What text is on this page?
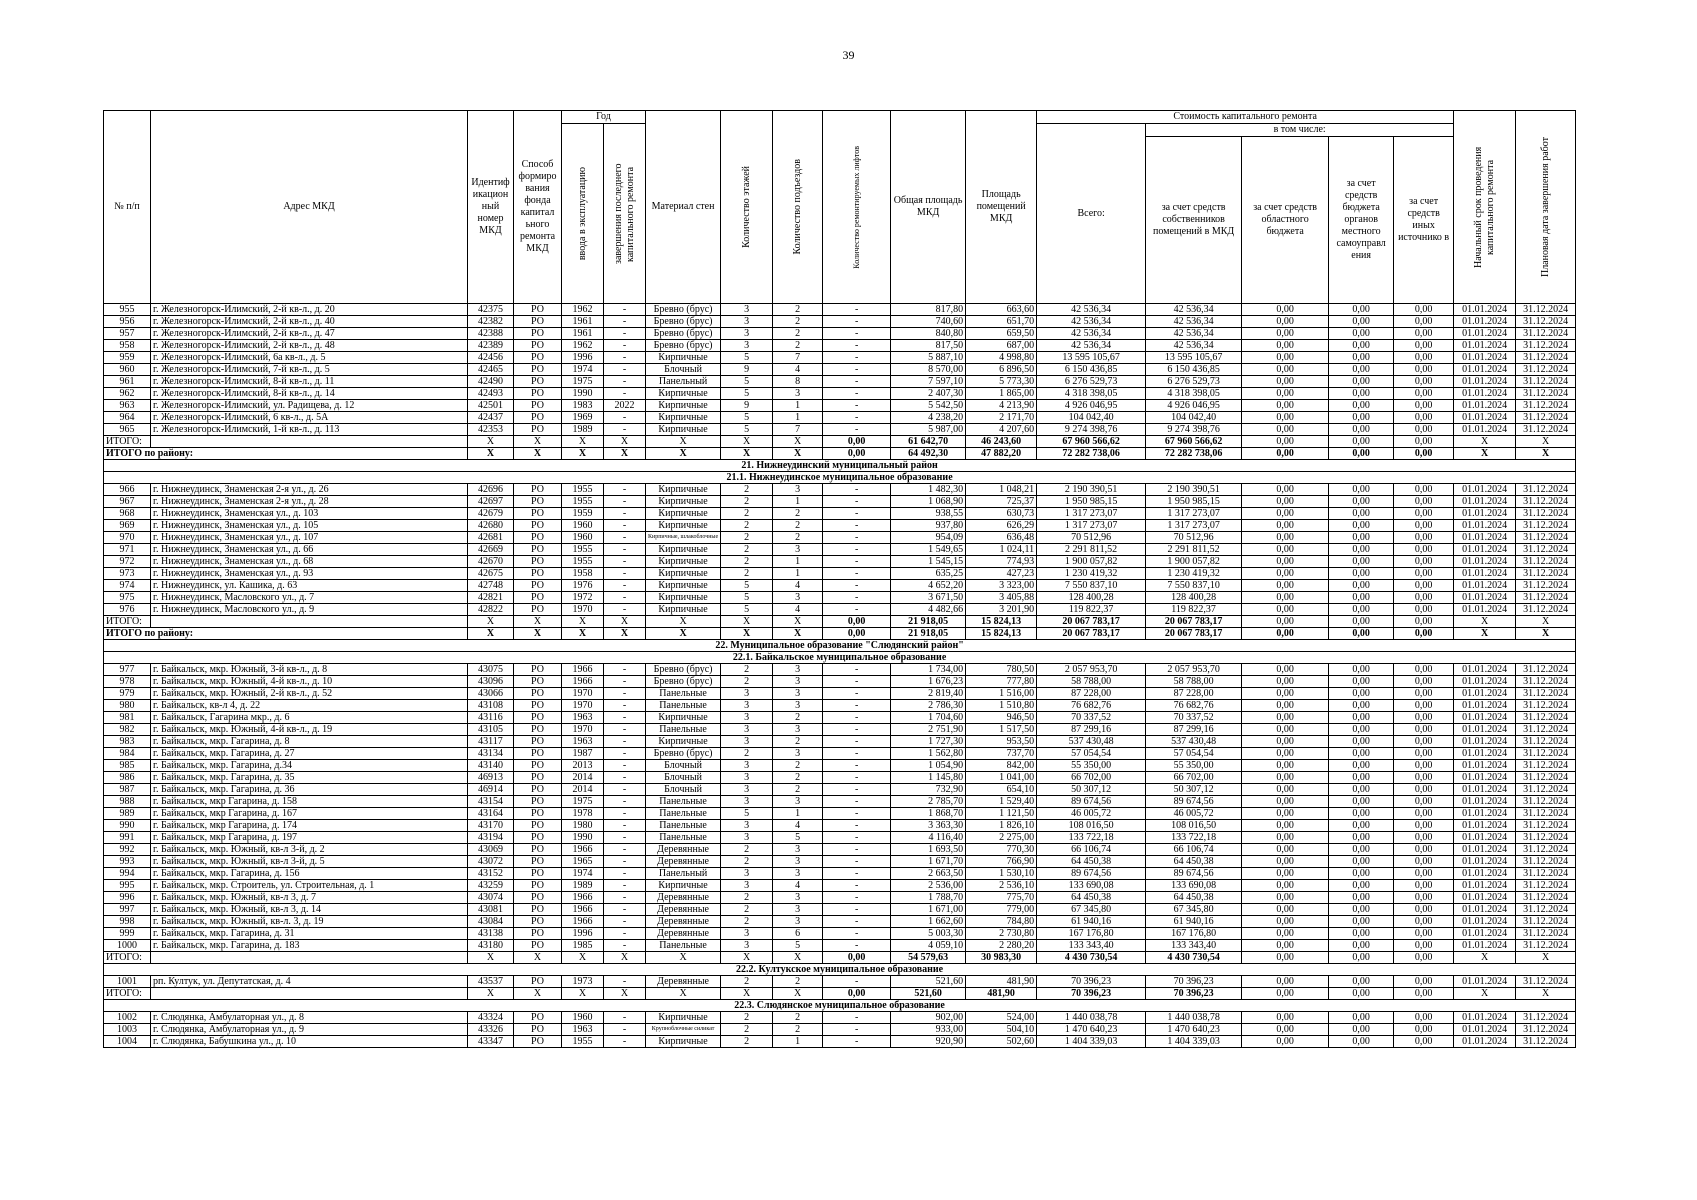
39
№ п/п	Адрес МКД	Идентиф икацион ный номер МКД	Способ формиро вания фонда капитал ьного ремонта МКД	Год		Материал стен	Количество этажей	Количество подъездов	Количество ремонтируемых лифтов	Общая площадь МКД	Площадь помещений МКД	Стоимость капитального ремонта					Начальный срок проведения капитального ремонта	Плановая дата завершения работ

				ввода в эксплуатацию	завершения последнего капитального ремонта							Всего:	в том числе:					
													за счет средств собственников помещений в МКД	за счет средств областного бюджета	за счет средств бюджета органов местного самоуправл ения	за счет средств иных источнико в		
955	г. Железногорск-Илимский, 2-й кв-л., д. 20	42375	РО	1962	-	Бревно (брус)	3	2	-	817,80	663,60	42 536,34	42 536,34	0,00	0,00	0,00	01.01.2024	31.12.2024
956	г. Железногорск-Илимский, 2-й кв-л., д. 40	42382	РО	1961	-	Бревно (брус)	3	2	-	740,60	651,70	42 536,34	42 536,34	0,00	0,00	0,00	01.01.2024	31.12.2024
957	г. Железногорск-Илимский, 2-й кв-л., д. 47	42388	РО	1961	-	Бревно (брус)	3	2	-	840,80	659,50	42 536,34	42 536,34	0,00	0,00	0,00	01.01.2024	31.12.2024
958	г. Железногорск-Илимский, 2-й кв-л., д. 48	42389	РО	1962	-	Бревно (брус)	3	2	-	817,50	687,00	42 536,34	42 536,34	0,00	0,00	0,00	01.01.2024	31.12.2024
959	г. Железногорск-Илимский, 6а кв-л., д. 5	42456	РО	1996	-	Кирпичные	5	7	-	5 887,10	4 998,80	13 595 105,67	13 595 105,67	0,00	0,00	0,00	01.01.2024	31.12.2024
960	г. Железногорск-Илимский, 7-й кв-л., д. 5	42465	РО	1974	-	Блочный	9	4	-	8 570,00	6 896,50	6 150 436,85	6 150 436,85	0,00	0,00	0,00	01.01.2024	31.12.2024
961	г. Железногорск-Илимский, 8-й кв-л., д. 11	42490	РО	1975	-	Панельный	5	8	-	7 597,10	5 773,30	6 276 529,73	6 276 529,73	0,00	0,00	0,00	01.01.2024	31.12.2024
962	г. Железногорск-Илимский, 8-й кв-л., д. 14	42493	РО	1990	-	Кирпичные	5	3	-	2 407,30	1 865,00	4 318 398,05	4 318 398,05	0,00	0,00	0,00	01.01.2024	31.12.2024
963	г. Железногорск-Илимский, ул. Радищева, д. 12	42501	РО	1983	2022	Кирпичные	9	1	-	5 542,50	4 213,90	4 926 046,95	4 926 046,95	0,00	0,00	0,00	01.01.2024	31.12.2024
964	г. Железногорск-Илимский, 6 кв-л., д. 5А	42437	РО	1969	-	Кирпичные	5	1	-	4 238,20	2 171,70	104 042,40	104 042,40	0,00	0,00	0,00	01.01.2024	31.12.2024
965	г. Железногорск-Илимский, 1-й кв-л., д. 113	42353	РО	1989	-	Кирпичные	5	7	-	5 987,00	4 207,60	9 274 398,76	9 274 398,76	0,00	0,00	0,00	01.01.2024	31.12.2024
ИТОГО:		X	X	X	X	X	X	X	0,00	61 642,70	46 243,60	67 960 566,62	67 960 566,62	0,00	0,00	0,00	X	X
ИТОГО по району:		X	X	X	X	X	X	X	0,00	64 492,30	47 882,20	72 282 738,06	72 282 738,06	0,00	0,00	0,00	X	X
21. Нижнеудинский муниципальный район																		
21.1. Нижнеудинское муниципальное образование																		
966	г. Нижнеудинск, Знаменская 2-я ул., д. 26	42696	РО	1955	-	Кирпичные	2	3	-	1 482,30	1 048,21	2 190 390,51	2 190 390,51	0,00	0,00	0,00	01.01.2024	31.12.2024
967	г. Нижнеудинск, Знаменская 2-я ул., д. 28	42697	РО	1955	-	Кирпичные	2	1	-	1 068,90	725,37	1 950 985,15	1 950 985,15	0,00	0,00	0,00	01.01.2024	31.12.2024
968	г. Нижнеудинск, Знаменская ул., д. 103	42679	РО	1959	-	Кирпичные	2	2	-	938,55	630,73	1 317 273,07	1 317 273,07	0,00	0,00	0,00	01.01.2024	31.12.2024
969	г. Нижнеудинск, Знаменская ул., д. 105	42680	РО	1960	-	Кирпичные	2	2	-	937,80	626,29	1 317 273,07	1 317 273,07	0,00	0,00	0,00	01.01.2024	31.12.2024
970	г. Нижнеудинск, Знаменская ул., д. 107	42681	РО	1960	-	Кирпичные, шлакоблочные	2	2	-	954,09	636,48	70 512,96	70 512,96	0,00	0,00	0,00	01.01.2024	31.12.2024
971	г. Нижнеудинск, Знаменская ул., д. 66	42669	РО	1955	-	Кирпичные	2	3	-	1 549,65	1 024,11	2 291 811,52	2 291 811,52	0,00	0,00	0,00	01.01.2024	31.12.2024
972	г. Нижнеудинск, Знаменская ул., д. 68	42670	РО	1955	-	Кирпичные	2	1	-	1 545,15	774,93	1 900 057,82	1 900 057,82	0,00	0,00	0,00	01.01.2024	31.12.2024
973	г. Нижнеудинск, Знаменская ул., д. 93	42675	РО	1958	-	Кирпичные	2	1	-	635,25	427,23	1 230 419,32	1 230 419,32	0,00	0,00	0,00	01.01.2024	31.12.2024
974	г. Нижнеудинск, ул. Кашика, д. 63	42748	РО	1976	-	Кирпичные	5	4	-	4 652,20	3 323,00	7 550 837,10	7 550 837,10	0,00	0,00	0,00	01.01.2024	31.12.2024
975	г. Нижнеудинск, Масловского ул., д. 7	42821	РО	1972	-	Кирпичные	5	3	-	3 671,50	3 405,88	128 400,28	128 400,28	0,00	0,00	0,00	01.01.2024	31.12.2024
976	г. Нижнеудинск, Масловского ул., д. 9	42822	РО	1970	-	Кирпичные	5	4	-	4 482,66	3 201,90	119 822,37	119 822,37	0,00	0,00	0,00	01.01.2024	31.12.2024
ИТОГО:		X	X	X	X	X	X	X	0,00	21 918,05	15 824,13	20 067 783,17	20 067 783,17	0,00	0,00	0,00	X	X
ИТОГО по району:		X	X	X	X	X	X	X	0,00	21 918,05	15 824,13	20 067 783,17	20 067 783,17	0,00	0,00	0,00	X	X
22. Муниципальное образование "Слюдянский район"																		
22.1. Байкальское муниципальное образование																		
977	г. Байкальск, мкр. Южный, 3-й кв-л., д. 8	43075	РО	1966	-	Бревно (брус)	2	3	-	1 734,00	780,50	2 057 953,70	2 057 953,70	0,00	0,00	0,00	01.01.2024	31.12.2024
978	г. Байкальск, мкр. Южный, 4-й кв-л., д. 10	43096	РО	1966	-	Бревно (брус)	2	3	-	1 676,23	777,80	58 788,00	58 788,00	0,00	0,00	0,00	01.01.2024	31.12.2024
979	г. Байкальск, мкр. Южный, 2-й кв-л., д. 52	43066	РО	1970	-	Панельные	3	3	-	2 819,40	1 516,00	87 228,00	87 228,00	0,00	0,00	0,00	01.01.2024	31.12.2024
980	г. Байкальск, кв-л 4, д. 22	43108	РО	1970	-	Панельные	3	3	-	2 786,30	1 510,80	76 682,76	76 682,76	0,00	0,00	0,00	01.01.2024	31.12.2024
981	г. Байкальск, Гагарина мкр., д. 6	43116	РО	1963	-	Кирпичные	3	2	-	1 704,60	946,50	70 337,52	70 337,52	0,00	0,00	0,00	01.01.2024	31.12.2024
982	г. Байкальск, мкр. Южный, 4-й кв-л., д. 19	43105	РО	1970	-	Панельные	3	3	-	2 751,90	1 517,50	87 299,16	87 299,16	0,00	0,00	0,00	01.01.2024	31.12.2024
983	г. Байкальск, мкр. Гагарина, д. 8	43117	РО	1963	-	Кирпичные	3	2	-	1 727,30	953,50	537 430,48	537 430,48	0,00	0,00	0,00	01.01.2024	31.12.2024
984	г. Байкальск, мкр. Гагарина, д. 27	43134	РО	1987	-	Бревно (брус)	2	3	-	1 562,80	737,70	57 054,54	57 054,54	0,00	0,00	0,00	01.01.2024	31.12.2024
985	г. Байкальск, мкр. Гагарина, д.34	43140	РО	2013	-	Блочный	3	2	-	1 054,90	842,00	55 350,00	55 350,00	0,00	0,00	0,00	01.01.2024	31.12.2024
986	г. Байкальск, мкр. Гагарина, д. 35	46913	РО	2014	-	Блочный	3	2	-	1 145,80	1 041,00	66 702,00	66 702,00	0,00	0,00	0,00	01.01.2024	31.12.2024
987	г. Байкальск, мкр. Гагарина, д. 36	46914	РО	2014	-	Блочный	3	2	-	732,90	654,10	50 307,12	50 307,12	0,00	0,00	0,00	01.01.2024	31.12.2024
988	г. Байкальск, мкр Гагарина, д. 158	43154	РО	1975	-	Панельные	3	3	-	2 785,70	1 529,40	89 674,56	89 674,56	0,00	0,00	0,00	01.01.2024	31.12.2024
989	г. Байкальск, мкр Гагарина, д. 167	43164	РО	1978	-	Панельные	5	1	-	1 868,70	1 121,50	46 005,72	46 005,72	0,00	0,00	0,00	01.01.2024	31.12.2024
990	г. Байкальск, мкр Гагарина, д. 174	43170	РО	1980	-	Панельные	3	4	-	3 363,30	1 826,10	108 016,50	108 016,50	0,00	0,00	0,00	01.01.2024	31.12.2024
991	г. Байкальск, мкр Гагарина, д. 197	43194	РО	1990	-	Панельные	3	5	-	4 116,40	2 275,00	133 722,18	133 722,18	0,00	0,00	0,00	01.01.2024	31.12.2024
992	г. Байкальск, мкр. Южный, кв-л 3-й, д. 2	43069	РО	1966	-	Деревянные	2	3	-	1 693,50	770,30	66 106,74	66 106,74	0,00	0,00	0,00	01.01.2024	31.12.2024
993	г. Байкальск, мкр. Южный, кв-л 3-й, д. 5	43072	РО	1965	-	Деревянные	2	3	-	1 671,70	766,90	64 450,38	64 450,38	0,00	0,00	0,00	01.01.2024	31.12.2024
994	г. Байкальск, мкр. Гагарина, д. 156	43152	РО	1974	-	Панельный	3	3	-	2 663,50	1 530,10	89 674,56	89 674,56	0,00	0,00	0,00	01.01.2024	31.12.2024
995	г. Байкальск, мкр. Строитель, ул. Строительная, д. 1	43259	РО	1989	-	Кирпичные	3	4	-	2 536,00	2 536,10	133 690,08	133 690,08	0,00	0,00	0,00	01.01.2024	31.12.2024
996	г. Байкальск, мкр. Южный, кв-л 3, д. 7	43074	РО	1966	-	Деревянные	2	3	-	1 788,70	775,70	64 450,38	64 450,38	0,00	0,00	0,00	01.01.2024	31.12.2024
997	г. Байкальск, мкр. Южный, кв-л 3, д. 14	43081	РО	1966	-	Деревянные	2	3	-	1 671,00	779,00	67 345,80	67 345,80	0,00	0,00	0,00	01.01.2024	31.12.2024
998	г. Байкальск, мкр. Южный, кв-л. 3, д. 19	43084	РО	1966	-	Деревянные	2	3	-	1 662,60	784,80	61 940,16	61 940,16	0,00	0,00	0,00	01.01.2024	31.12.2024
999	г. Байкальск, мкр. Гагарина, д. 31	43138	РО	1996	-	Деревянные	3	6	-	5 003,30	2 730,80	167 176,80	167 176,80	0,00	0,00	0,00	01.01.2024	31.12.2024
1000	г. Байкальск, мкр. Гагарина, д. 183	43180	РО	1985	-	Панельные	3	5	-	4 059,10	2 280,20	133 343,40	133 343,40	0,00	0,00	0,00	01.01.2024	31.12.2024
ИТОГО:		X	X	X	X	X	X	X	0,00	54 579,63	30 983,30	4 430 730,54	4 430 730,54	0,00	0,00	0,00	X	X
22.2. Култукское муниципальное образование																		
1001	рп. Култук, ул. Депутатская, д. 4	43537	РО	1973	-	Деревянные	2	2	-	521,60	481,90	70 396,23	70 396,23	0,00	0,00	0,00	01.01.2024	31.12.2024
ИТОГО:		X	X	X	X	X	X	X	0,00	521,60	481,90	70 396,23	70 396,23	0,00	0,00	0,00	X	X
22.3. Слюдянское муниципальное образование																		
1002	г. Слюдянка, Амбулаторная ул., д. 8	43324	РО	1960	-	Кирпичные	2	2	-	902,00	524,00	1 440 038,78	1 440 038,78	0,00	0,00	0,00	01.01.2024	31.12.2024
1003	г. Слюдянка, Амбулаторная ул., д. 9	43326	РО	1963	-	Крупноблочные силикат	2	2	-	933,00	504,10	1 470 640,23	1 470 640,23	0,00	0,00	0,00	01.01.2024	31.12.2024
1004	г. Слюдянка, Бабушкина ул., д. 10	43347	РО	1955	-	Кирпичные	2	1	-	920,90	502,60	1 404 339,03	1 404 339,03	0,00	0,00	0,00	01.01.2024	31.12.2024
